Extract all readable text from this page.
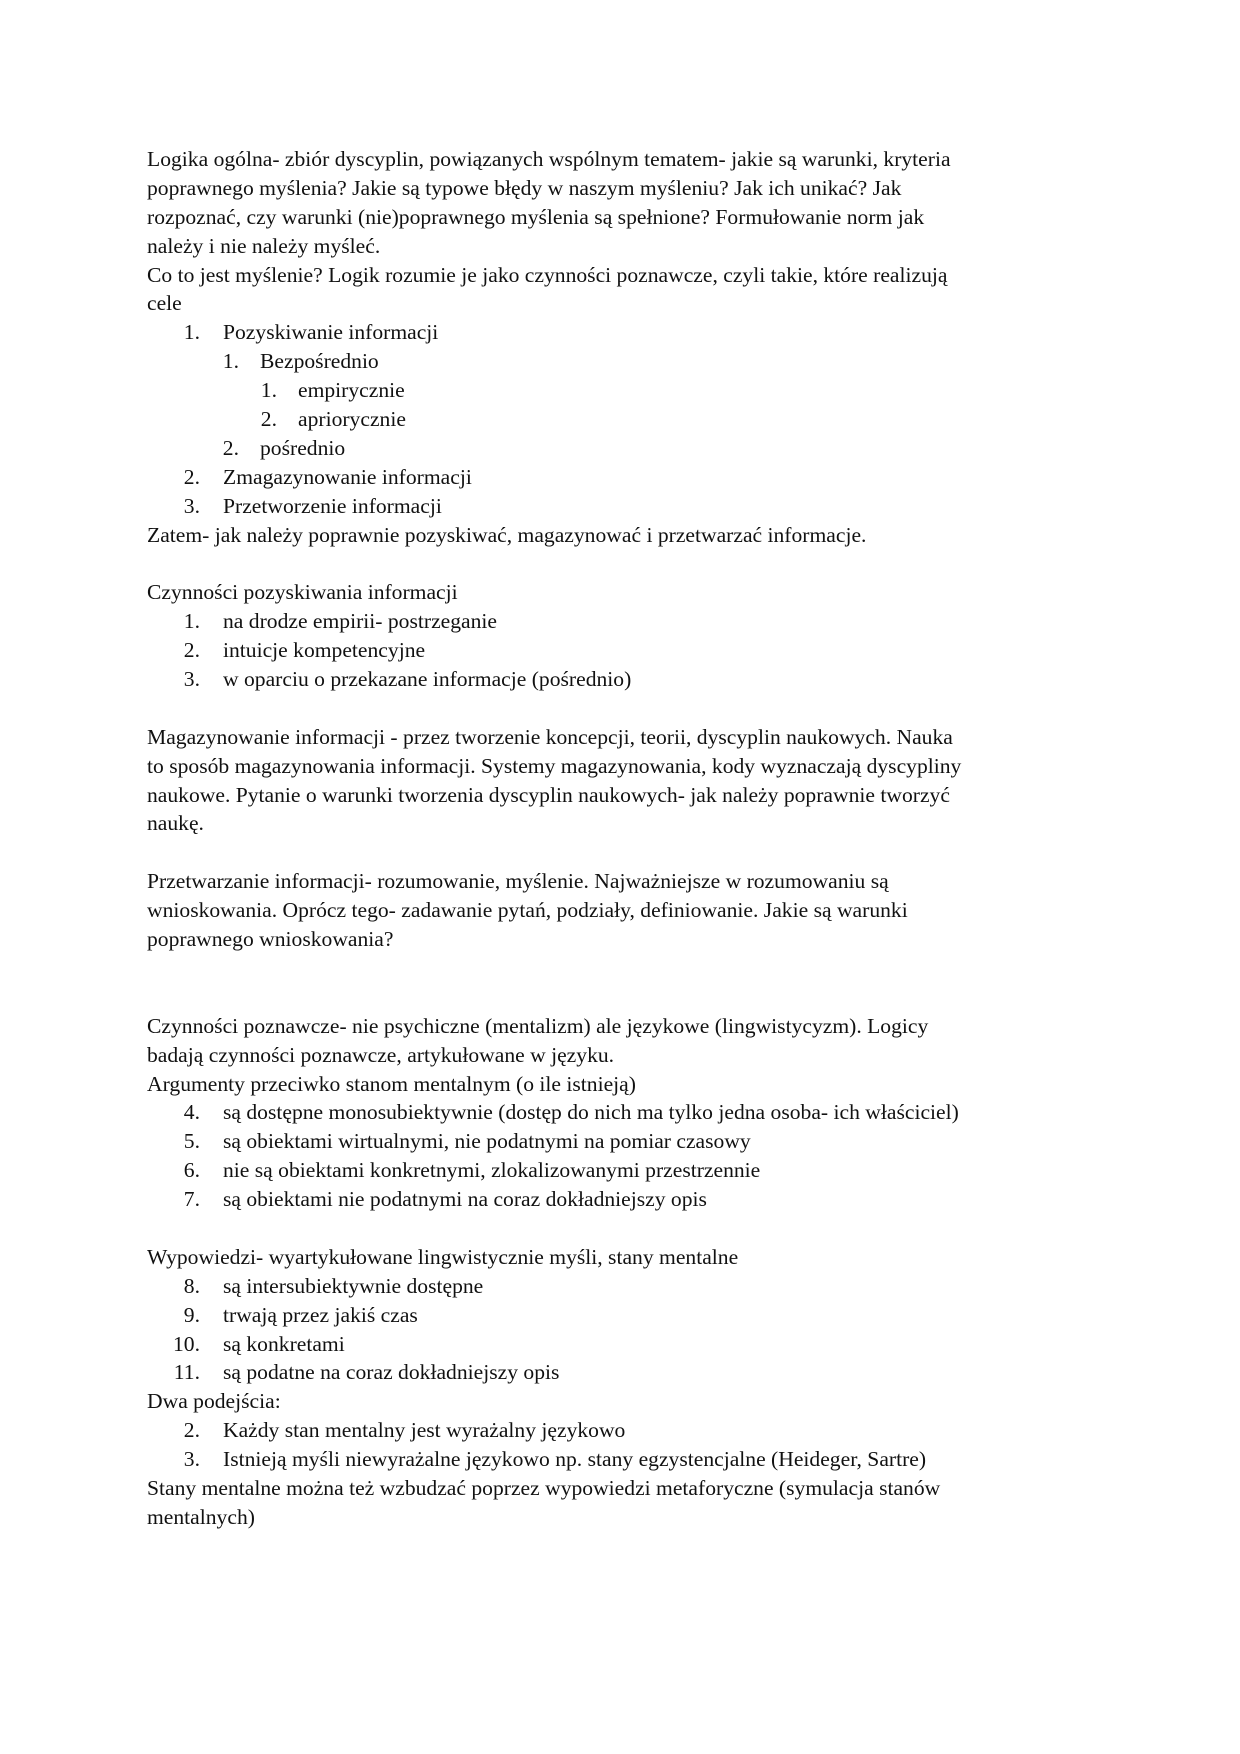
Logika ogólna- zbiór dyscyplin, powiązanych wspólnym tematem- jakie są warunki, kryteria
poprawnego myślenia? Jakie są typowe błędy w naszym myśleniu? Jak ich unikać? Jak
rozpoznać, czy warunki (nie)poprawnego myślenia są spełnione? Formułowanie norm jak
należy i nie należy myśleć.
Co to jest myślenie? Logik rozumie je jako czynności poznawcze, czyli takie, które realizują
cele
1. Pozyskiwanie informacji
1. Bezpośrednio
1. empirycznie
2. apriorycznie
2. pośrednio
2. Zmagazynowanie informacji
3. Przetworzenie informacji
Zatem- jak należy poprawnie pozyskiwać, magazynować i przetwarzać informacje.
Czynności pozyskiwania informacji
1. na drodze empirii- postrzeganie
2. intuicje kompetencyjne
3. w oparciu o przekazane informacje (pośrednio)
Magazynowanie informacji - przez tworzenie koncepcji, teorii, dyscyplin naukowych. Nauka
to sposób magazynowania informacji. Systemy magazynowania, kody wyznaczają dyscypliny
naukowe. Pytanie o warunki tworzenia dyscyplin naukowych- jak należy poprawnie tworzyć
naukę.
Przetwarzanie informacji- rozumowanie, myślenie. Najważniejsze w rozumowaniu są
wnioskowania. Oprócz tego- zadawanie pytań, podziały, definiowanie. Jakie są warunki
poprawnego wnioskowania?
Czynności poznawcze- nie psychiczne (mentalizm) ale językowe (lingwistycyzm). Logicy
badają czynności poznawcze, artykułowane w języku.
Argumenty przeciwko stanom mentalnym (o ile istnieją)
4. są dostępne monosubiektywnie (dostęp do nich ma tylko jedna osoba- ich właściciel)
5. są obiektami wirtualnymi, nie podatnymi na pomiar czasowy
6. nie są obiektami konkretnymi, zlokalizowanymi przestrzennie
7. są obiektami nie podatnymi na coraz dokładniejszy opis
Wypowiedzi- wyartykułowane lingwistycznie myśli, stany mentalne
8. są intersubiektywnie dostępne
9. trwają przez jakiś czas
10. są konkretami
11. są podatne na coraz dokładniejszy opis
Dwa podejścia:
2. Każdy stan mentalny jest wyrażalny językowo
3. Istnieją myśli niewyrażalne językowo np. stany egzystencjalne (Heideger, Sartre)
Stany mentalne można też wzbudzać poprzez wypowiedzi metaforyczne (symulacja stanów
mentalnych)
